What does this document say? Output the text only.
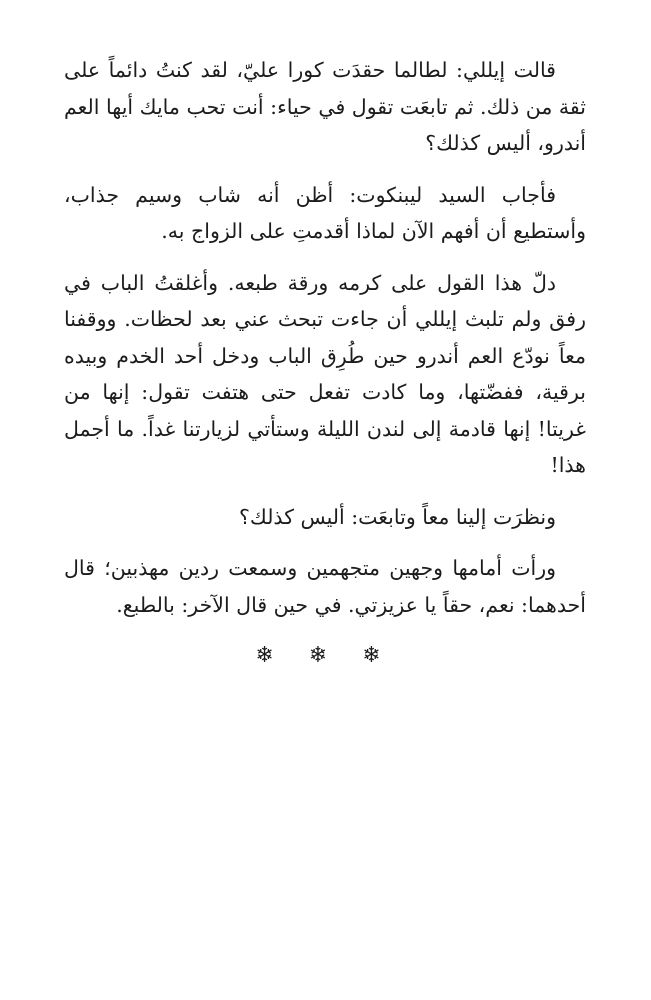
قالت إيللي: لطالما حقدَت كورا عليّ، لقد كنتُ دائماً على ثقة من ذلك. ثم تابعَت تقول في حياء: أنت تحب مايك أيها العم أندرو، أليس كذلك؟

فأجاب السيد ليبنكوت: أظن أنه شاب وسيم جذاب، وأستطيع أن أفهم الآن لماذا أقدمتِ على الزواج به.

دلّ هذا القول على كرمه ورقة طبعه. وأغلقتُ الباب في رفق ولم تلبث إيللي أن جاءت تبحث عني بعد لحظات. ووقفنا معاً نودّع العم أندرو حين طُرِق الباب ودخل أحد الخدم وبيده برقية، ففضّتها، وما كادت تفعل حتى هتفت تقول: إنها من غريتا! إنها قادمة إلى لندن الليلة وستأتي لزيارتنا غداً. ما أجمل هذا!

ونظرَت إلينا معاً وتابعَت: أليس كذلك؟

ورأت أمامها وجهين متجهمين وسمعت ردين مهذبين؛ قال أحدهما: نعم، حقاً يا عزيزتي. في حين قال الآخر: بالطبع.

❄ ❄ ❄
